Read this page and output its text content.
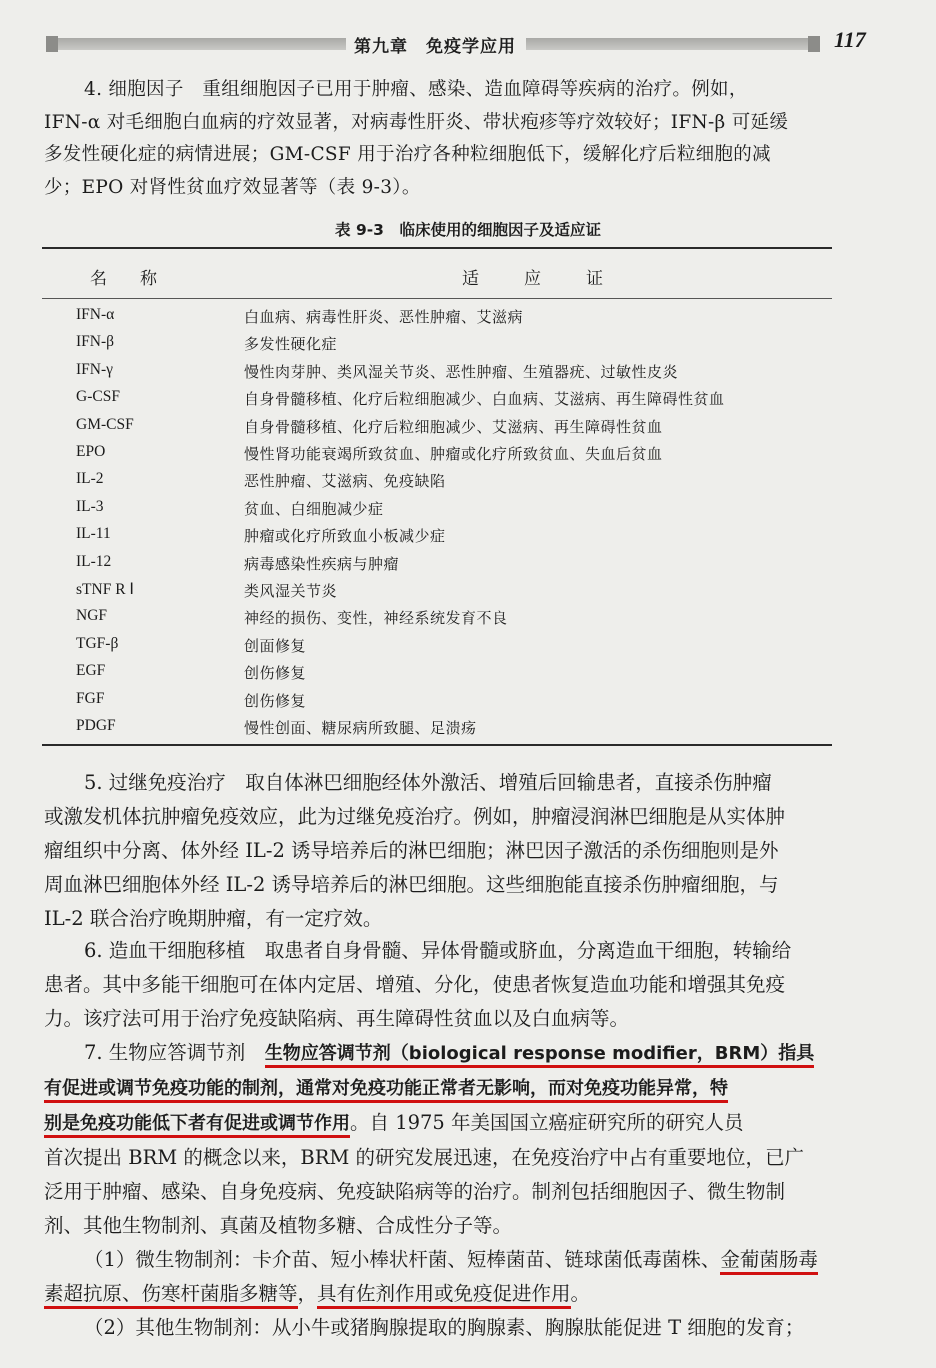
第九章　免疫学应用	117
4. 细胞因子　重组细胞因子已用于肿瘤、感染、造血障碍等疾病的治疗。例如，
IFN-α 对毛细胞白血病的疗效显著，对病毒性肝炎、带状疱疹等疗效较好；IFN-β 可延缓
多发性硬化症的病情进展；GM-CSF 用于治疗各种粒细胞低下，缓解化疗后粒细胞的减
少；EPO 对肾性贫血疗效显著等（表 9-3）。
表 9-3　临床使用的细胞因子及适应证
名　称	适　应　证
IFN-α	白血病、病毒性肝炎、恶性肿瘤、艾滋病
IFN-β	多发性硬化症
IFN-γ	慢性肉芽肿、类风湿关节炎、恶性肿瘤、生殖器疣、过敏性皮炎
G-CSF	自身骨髓移植、化疗后粒细胞减少、白血病、艾滋病、再生障碍性贫血
GM-CSF	自身骨髓移植、化疗后粒细胞减少、艾滋病、再生障碍性贫血
EPO	慢性肾功能衰竭所致贫血、肿瘤或化疗所致贫血、失血后贫血
IL-2	恶性肿瘤、艾滋病、免疫缺陷
IL-3	贫血、白细胞减少症
IL-11	肿瘤或化疗所致血小板减少症
IL-12	病毒感染性疾病与肿瘤
sTNF R Ⅰ	类风湿关节炎
NGF	神经的损伤、变性，神经系统发育不良
TGF-β	创面修复
EGF	创伤修复
FGF	创伤修复
PDGF	慢性创面、糖尿病所致腿、足溃疡
5. 过继免疫治疗　取自体淋巴细胞经体外激活、增殖后回输患者，直接杀伤肿瘤
或激发机体抗肿瘤免疫效应，此为过继免疫治疗。例如，肿瘤浸润淋巴细胞是从实体肿
瘤组织中分离、体外经 IL-2 诱导培养后的淋巴细胞；淋巴因子激活的杀伤细胞则是外
周血淋巴细胞体外经 IL-2 诱导培养后的淋巴细胞。这些细胞能直接杀伤肿瘤细胞，与
IL-2 联合治疗晚期肿瘤，有一定疗效。
6. 造血干细胞移植　取患者自身骨髓、异体骨髓或脐血，分离造血干细胞，转输给
患者。其中多能干细胞可在体内定居、增殖、分化，使患者恢复造血功能和增强其免疫
力。该疗法可用于治疗免疫缺陷病、再生障碍性贫血以及白血病等。
7. 生物应答调节剂　生物应答调节剂（biological response modifier，BRM）指具
有促进或调节免疫功能的制剂，通常对免疫功能正常者无影响，而对免疫功能异常，特
别是免疫功能低下者有促进或调节作用。自 1975 年美国国立癌症研究所的研究人员
首次提出 BRM 的概念以来，BRM 的研究发展迅速，在免疫治疗中占有重要地位，已广
泛用于肿瘤、感染、自身免疫病、免疫缺陷病等的治疗。制剂包括细胞因子、微生物制
剂、其他生物制剂、真菌及植物多糖、合成性分子等。
（1）微生物制剂：卡介苗、短小棒状杆菌、短棒菌苗、链球菌低毒菌株、金葡菌肠毒
素超抗原、伤寒杆菌脂多糖等，具有佐剂作用或免疫促进作用。
（2）其他生物制剂：从小牛或猪胸腺提取的胸腺素、胸腺肽能促进 T 细胞的发育；
